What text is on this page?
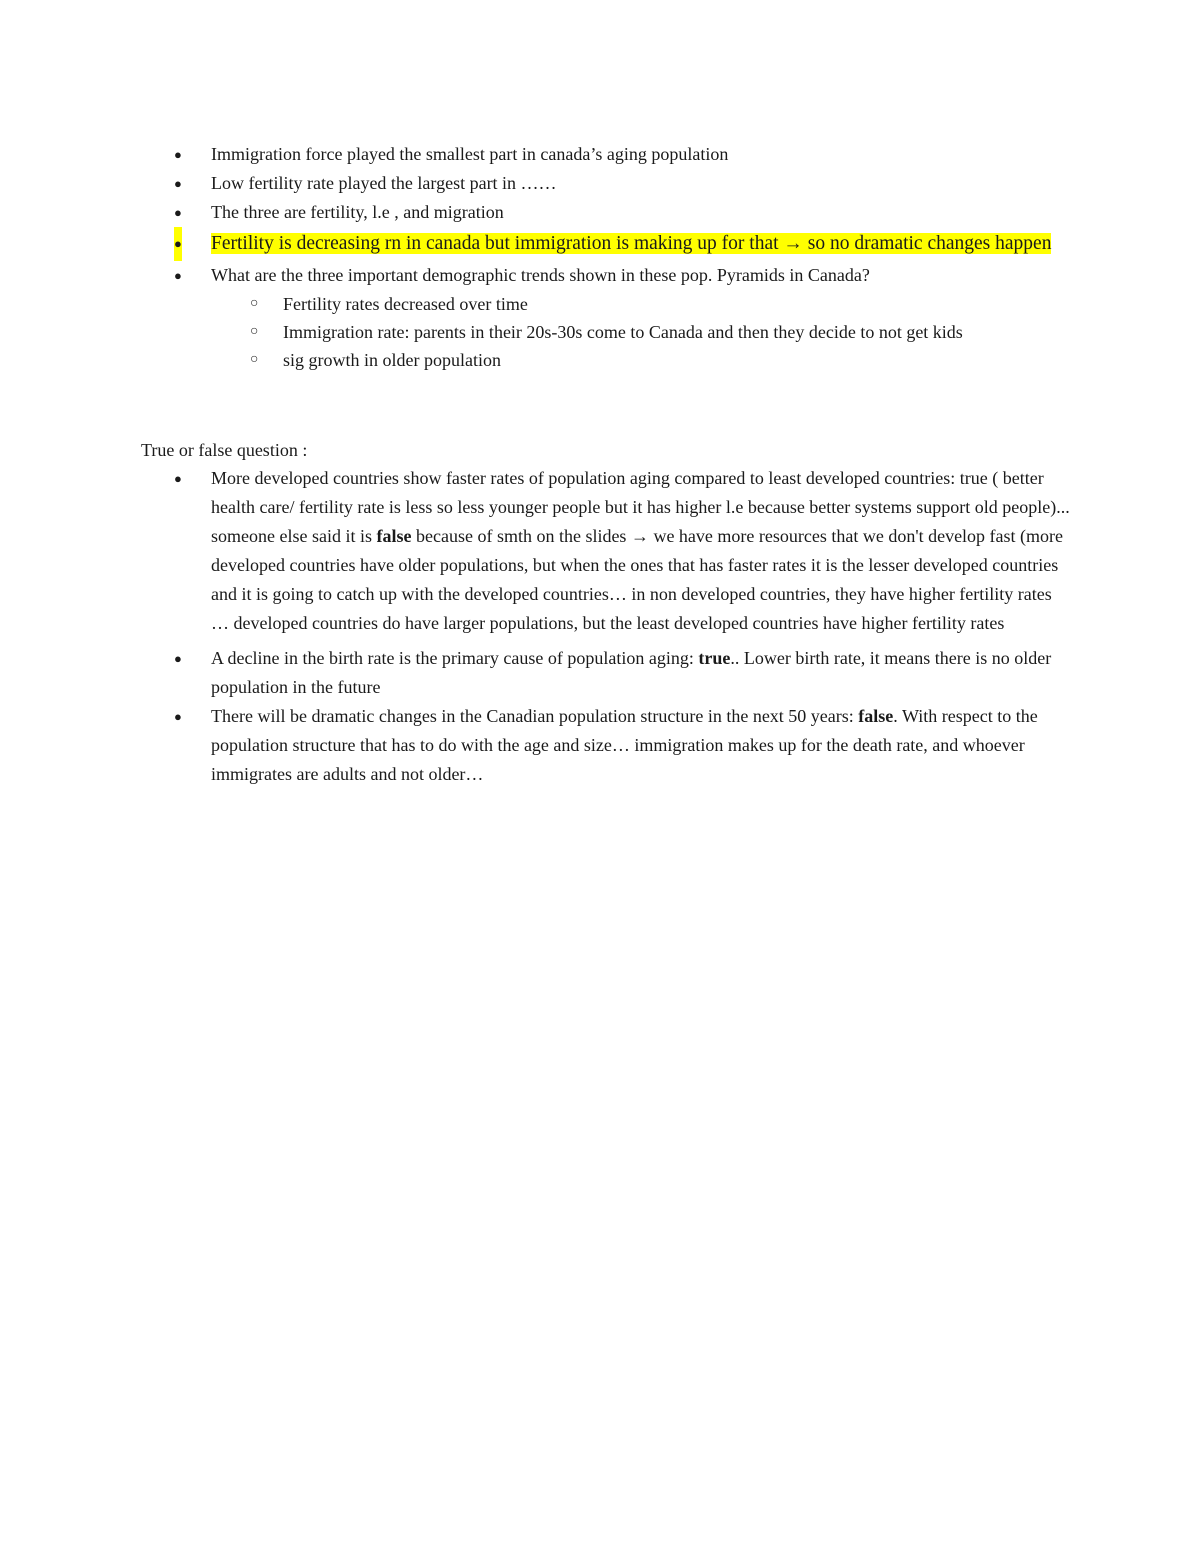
● Immigration force played the smallest part in canada’s aging population
● Low fertility rate played the largest part in ……
● The three are fertility, l.e , and migration
● Fertility is decreasing rn in canada but immigration is making up for that → so no dramatic changes happen
● What are the three important demographic trends shown in these pop. Pyramids in Canada?
○ Fertility rates decreased over time
○ Immigration rate: parents in their 20s-30s come to Canada and then they decide to not get kids
○ sig growth in older population
True or false question :
● More developed countries show faster rates of population aging compared to least developed countries: true ( better health care/ fertility rate is less so less younger people but it has higher l.e because better systems support old people)... someone else said it is false because of smth on the slides → we have more resources that we don't develop fast (more developed countries have older populations, but when the ones that has faster rates it is the lesser developed countries and it is going to catch up with the developed countries… in non developed countries, they have higher fertility rates … developed countries do have larger populations, but the least developed countries have higher fertility rates
● A decline in the birth rate is the primary cause of population aging: true.. Lower birth rate, it means there is no older population in the future
● There will be dramatic changes in the Canadian population structure in the next 50 years: false. With respect to the population structure that has to do with the age and size… immigration makes up for the death rate, and whoever immigrates are adults and not older…
